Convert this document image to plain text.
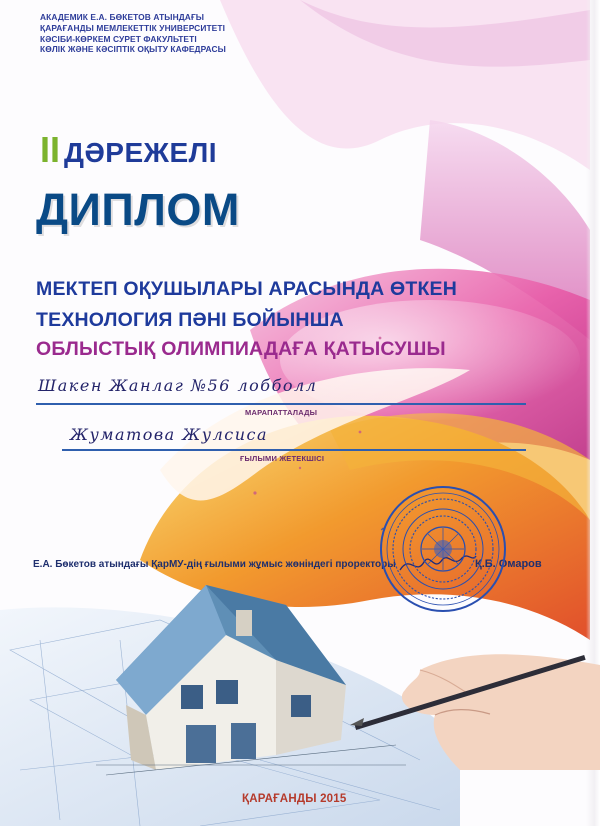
АКАДЕМИК Е.А. БӨКЕТОВ АТЫНДАҒЫ
ҚАРАҒАНДЫ МЕМЛЕКЕТТІК УНИВЕРСИТЕТІ
КӘСІБИ-КӨРКЕМ СУРЕТ ФАКУЛЬТЕТІ
КӨЛІК ЖӘНЕ КӘСІПТІК ОҚЫТУ КАФЕДРАСЫ
II ДӘРЕЖЕЛІ
ДИПЛОМ
МЕКТЕП ОҚУШЫЛАРЫ АРАСЫНДА ӨТКЕН
ТЕХНОЛОГИЯ ПӘНІ БОЙЫНША
ОБЛЫСТЫҚ ОЛИМПИАДАҒА ҚАТЫСУШЫ
Шакен Жанлаг №56 лобболл
МАРАПАТТАЛАДЫ
Жуматова Жулсиса
ҒЫЛЫМИ ЖЕТЕКШІСІ
Е.А. Бөкетов атындағы ҚарМУ-дің ғылыми жұмыс жөніндегі проректоры	Қ.Б. Омаров
ҚАРАҒАНДЫ 2015
